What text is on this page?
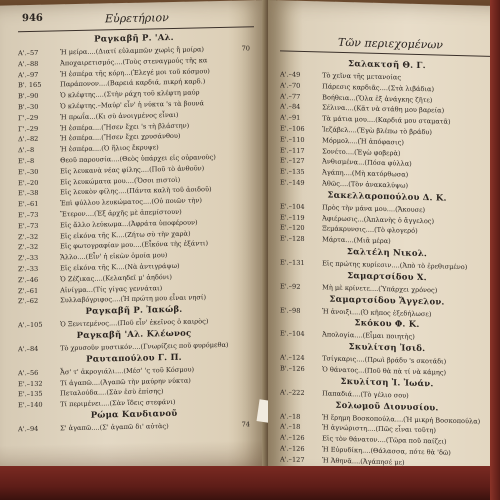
946	Εὑρετήριον
Ραγκαβῆ Ρ. 'Αλ.
Α'.–57	Ἡ μείρα....(Διατί εὐλαμπῶν χωρὶς ἢ μοίρα)	70
Α'.–88	Ἀποχαιρετισμός....(Τοὺς στεναγμούς τῆς κα
Α'.–97	Ἡ ἐσπέρα τῆς κόρη...(Ἐλεγέ μοι τοῦ κόσμου)
Β'. 165	Παράπονον....(Βαρειά καρδιά, πικρή καρδ.)
Β'.–90	Ὁ κλέφτης....(Στὴν ράχη τοῦ κλέφτη μαύρ
Β'.–30	Ὁ κλέφτης.–Μαύρ' εἶν' ἡ νύκτα 's τὰ βουνά
Γ'.–29	Ἡ πρωΐα...(Κι σὺ ἀνοιγμένος εἶναι)
Γ'.–29	Ἡ ἑσπέρα....(Ἤσεν ἔχει 's τὴ βλάστην)
Δ'.–82	Ἡ ἑσπέρα....(Ἤσεν ἔχει χρυσάνθου)
Δ'.–8	Ἡ ἑσπέρα....(Ὁ ἥλιος ἔκρυψε)
Ε'.–8	Θεοῦ παρουσία....(Θεὸς ὑπάρχει εἰς οὐρανοὺς)
Ε'.–30	Εἰς λευκανὰ νέας φίλης....(Ποῦ τὸ ἀνθοῦν)
Ε'.–20	Εἰς λευκώματα μου....(Ὅσοι πιστοὶ)
Ε'.–38	Εἰς λευκὸν φίλης....(Πάντα καλὴ τοῦ ἀοιδοῦ)
Ε'.–61	Ἐπὶ φύλλου λευκώματος....(Οὐ ποιῶν τὴν)
Ε'.–73	Ἔτερον....(Ἐξ ἀρχῆς μὲ ἀπεμίστουν)
Ε'.–73	Εἰς ἄλλο λεύκωμα...(Ἀφράτα ὑποφέρουν)
Ζ'.–32	Εἰς εἰκόνα τῆς Κ....(Ζήτω σὺ τὴν χαρὰ)
Ζ'.–32	Εἰς φωτογραφίαν μου....(Εἶκόνα τὴς ἐξάντι)
Ζ'.–33	Ἄλλο....(Εἶν' ἡ εἰκὼν ὁμοία μου)
Ζ'.–33	Εἰς εἰκόνα τῆς Κ....(Νὰ ἀντιγράψω)
Ζ'.–46	Ὁ Ζέζικας....(Κελαηδεῖ μ' ἀηδόνι)
Ζ'.–61	Αἰνίγμα...(Τίς γίγας γεννάται)
Ζ'.–62	Συλλαβόγριφος....(Ἡ πρώτη μου εἶναι νησί)
Ραγκαβῆ Ρ. Ἰακώβ.
Α'.–105 Ὁ Ξενιτεμένος....(Ποῦ εἶν' ἐκεῖνος ὁ καιρὸς)
Ραγκαβῆ 'Αλ. Κλέωνος
Α'.–84	Τὸ χρυσοῦν μυστικόν....(Γνωρίζεις ποῦ φυρόμεθα)
Ραυταπούλου Γ. Π.
Α'.–56	Ἆσ' τ' ἀκρογιάλι....(Μέσ' 'ς τοῦ Κόσμου)
Ε'.–132 Τί ἀγαπῶ....(Ἀγαπῶ τὴν μαύρην νύκτα)
Ε'.–135 Πεταλούδα....(Σὰν ἐσὺ ἐπίσης)
Ε'.–140 Τί περιμένει....(Σὰν ἴδεις στεφάνι)
Ρώμα Κανδιανοῦ
Α'.–94	Σ' ἀγαπῶ....(Σ' ἀγαπῶ δι' αὐτὰς)	74
Τῶν περιεχομένων
Σαλακτσῆ Θ. Γ.
Α'.–49	Τὸ χεῖνα τῆς μετανοίας
Α'.–70	Πάρεσις καρδιᾶς....(Στὰ λιβάδια)
Α'.–77	Βοήθεια...(Ὅλα ἐξ ἀνάγκης ζῆτε)
Α'.–84	Σέλινα....(Κᾶτ νὰ στάθη μου βαρεία)
Α'.–91	Τὰ μάτια μου....(Καρδιά μου σταματᾶ)
Ε'.–106 Ἰεζάβελ....(Ἐγὼ βλέπω τὸ βράδυ)
Ε'.–110 Μόρμολ....(Ἡ ἀπόφασις)
Ε'.–117 Σονέτο....(Ἐγὼ φοβερὰ)
Ε'.–127 Ἀνθισμένα...(Πόσα φύλλα)
Ε'.–135 Ἀγάπη....(Μὴ κατόρθωσα)
Ε'.–149 Ἀθῶς....(Τὸν ἀνακαλύψω)
Σακελλαροπούλου Δ. Κ.
Ε'.–104 Πρὸς τὴν μάνα μου....(Ἄκουσε)
Ε'.–119 Ἀφιέρωσις...(Ἀπλανὴς ὁ ἄγγελος)
Ε'.–120 Ξεμάκρυνσις....(Τὸ φλογερό)
Ε'.–128 Μάρτα....(Μιᾶ μέρα)
Σαλτέλη Νικολ.
Ε'.–131 Εἰς πρώτης κυρίεσιν....(Ἀπὸ τὸ ἐρεθισμένο)
Σαμαρτσίδου Χ.
Ε'.–92	Μὴ μὲ κρίνετε....(Ὑπάρχει χρόνος)
Σαμαρτσίδου Ἄγγελον.
Ε'.–98	Ἡ ἀνοιξι....(Ὁ κῆπος ἐξεδήλωσε)
Σκόκου Φ. Κ.
Ε'.–104 Ἀπολογία....(Εἶμαι ποιητὴς)
Σκυλίτση Ἰσιδ.
Α'.–124 Τσίγκαρις....(Πρωὶ βράδυ 's σκοτάδι)
Β'.–126 Ὁ θάνατος...(Ποῦ θὰ πὰ τί νὰ κάμης)
Σκυλίτση Ἰ. Ἰωάν.
Α'.–222 Παπαδιά....(Τὸ γέλιο σου)
Σολωμοῦ Διονυσίου.
Α'.–18	Ἡ ἔρημη Βοσκοπούλα....(Ἡ μικρή Βοσκοπούλα)
Α'.–18	Ἡ ἀγνώριστη....(Πῶς εἶναι τοῦτη)
Α'.–126 Εἰς τὸν θάνατον....(Τῶρα ποῦ παίζει)
Α'.–126 Ἡ Εὐρυδίκη....(Θάλασσα, πότε θὰ 'δῶ)
Α'.–127 Ἡ Ἀθηνᾶ....(Ἀγάπησέ με)
